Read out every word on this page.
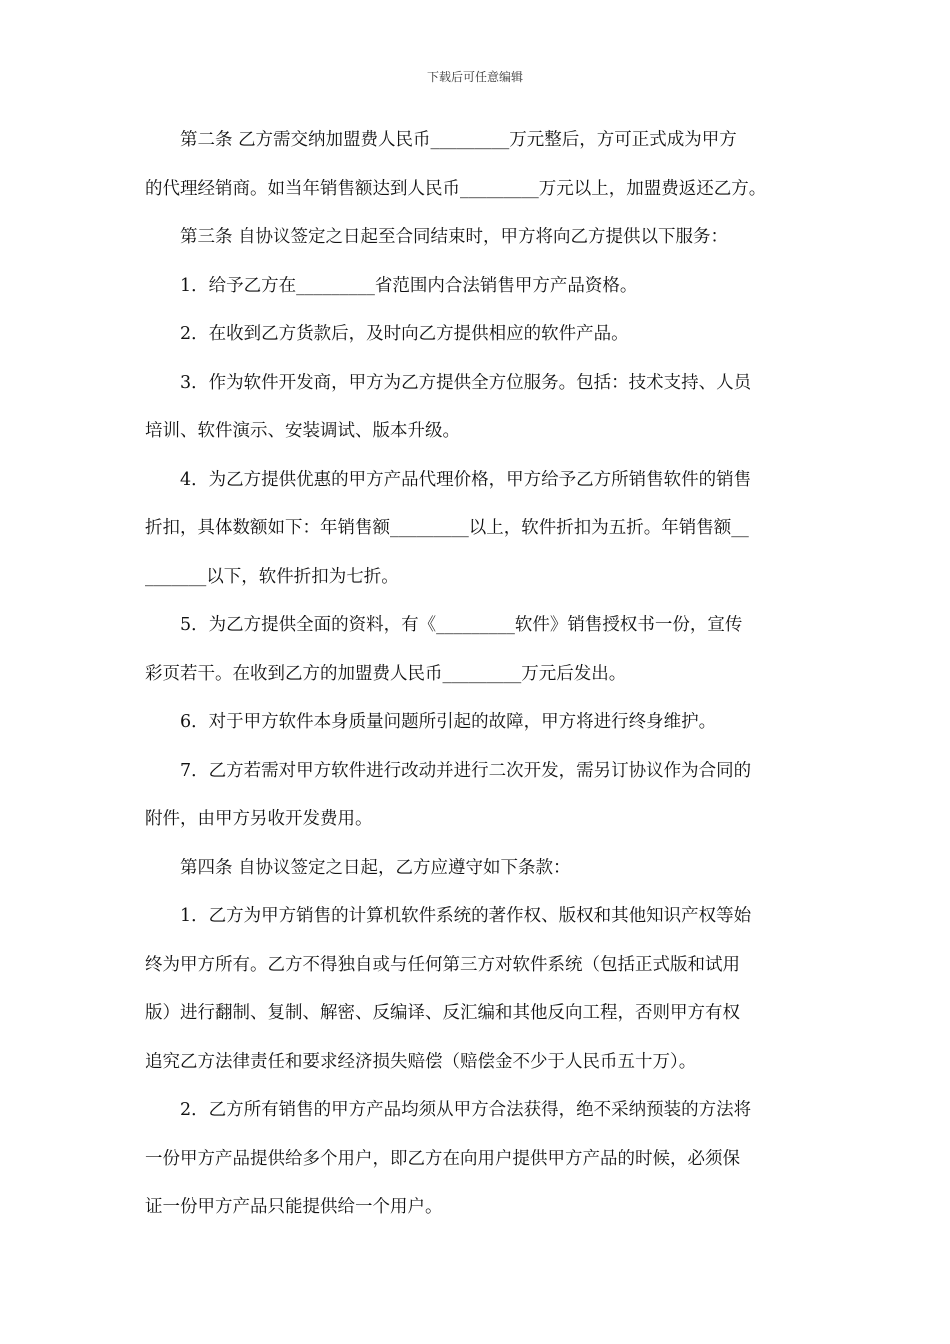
下载后可任意编辑
第二条 乙方需交纳加盟费人民币_________万元整后，方可正式成为甲方
的代理经销商。如当年销售额达到人民币_________万元以上，加盟费返还乙方。
第三条 自协议签定之日起至合同结束时，甲方将向乙方提供以下服务：
1．给予乙方在_________省范围内合法销售甲方产品资格。
2．在收到乙方货款后，及时向乙方提供相应的软件产品。
3．作为软件开发商，甲方为乙方提供全方位服务。包括：技术支持、人员
培训、软件演示、安装调试、版本升级。
4．为乙方提供优惠的甲方产品代理价格，甲方给予乙方所销售软件的销售
折扣，具体数额如下：年销售额_________以上，软件折扣为五折。年销售额__
_______以下，软件折扣为七折。
5．为乙方提供全面的资料，有《_________软件》销售授权书一份，宣传
彩页若干。在收到乙方的加盟费人民币_________万元后发出。
6．对于甲方软件本身质量问题所引起的故障，甲方将进行终身维护。
7．乙方若需对甲方软件进行改动并进行二次开发，需另订协议作为合同的
附件，由甲方另收开发费用。
第四条 自协议签定之日起，乙方应遵守如下条款：
1．乙方为甲方销售的计算机软件系统的著作权、版权和其他知识产权等始
终为甲方所有。乙方不得独自或与任何第三方对软件系统（包括正式版和试用
版）进行翻制、复制、解密、反编译、反汇编和其他反向工程，否则甲方有权
追究乙方法律责任和要求经济损失赔偿（赔偿金不少于人民币五十万）。
2．乙方所有销售的甲方产品均须从甲方合法获得，绝不采纳预装的方法将
一份甲方产品提供给多个用户，即乙方在向用户提供甲方产品的时候，必须保
证一份甲方产品只能提供给一个用户。
